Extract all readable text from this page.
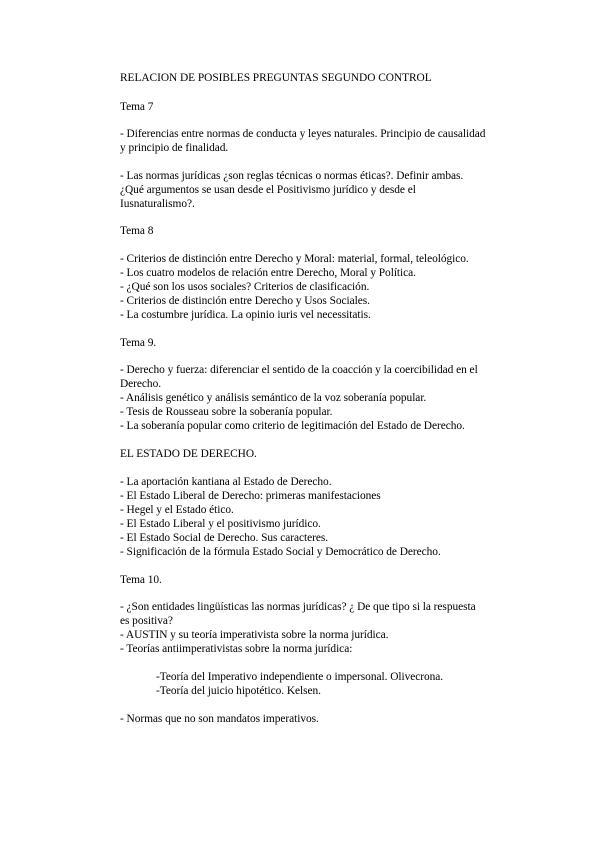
RELACION DE POSIBLES PREGUNTAS SEGUNDO CONTROL
Tema 7
- Diferencias entre normas de conducta y leyes naturales. Principio de causalidad
y principio de finalidad.
- Las normas jurídicas ¿son reglas técnicas o normas éticas?. Definir ambas.
¿Qué argumentos se usan desde el Positivismo jurídico y desde el
Iusnaturalismo?.
Tema 8
- Criterios de distinción entre Derecho y Moral: material, formal, teleológico.
- Los cuatro modelos de relación entre Derecho, Moral y Política.
- ¿Qué son los usos sociales? Criterios de clasificación.
- Criterios de distinción entre Derecho y Usos Sociales.
- La costumbre jurídica. La opinio iuris vel necessitatis.
Tema 9.
- Derecho y fuerza: diferenciar el sentido de la coacción y la coercibilidad en el
Derecho.
- Análisis genético y análisis semántico de la voz soberanía popular.
- Tesis de Rousseau sobre la soberanía popular.
- La soberanía popular como criterio de legitimación del Estado de Derecho.
EL ESTADO DE DERECHO.
- La aportación kantiana al Estado de Derecho.
- El Estado Liberal de Derecho: primeras manifestaciones
- Hegel y el Estado ético.
- El Estado Liberal y el positivismo jurídico.
- El Estado Social de Derecho. Sus caracteres.
- Significación de la fórmula Estado Social y Democrático de Derecho.
Tema 10.
- ¿Son entidades lingüísticas las normas jurídicas? ¿ De que tipo si la respuesta
es positiva?
- AUSTIN y su teoría imperativista sobre la norma jurídica.
- Teorías antiimperativistas sobre la norma jurídica:
-Teoría del Imperativo independiente o impersonal. Olivecrona.
-Teoría del juicio hipotético. Kelsen.
- Normas que no son mandatos imperativos.
